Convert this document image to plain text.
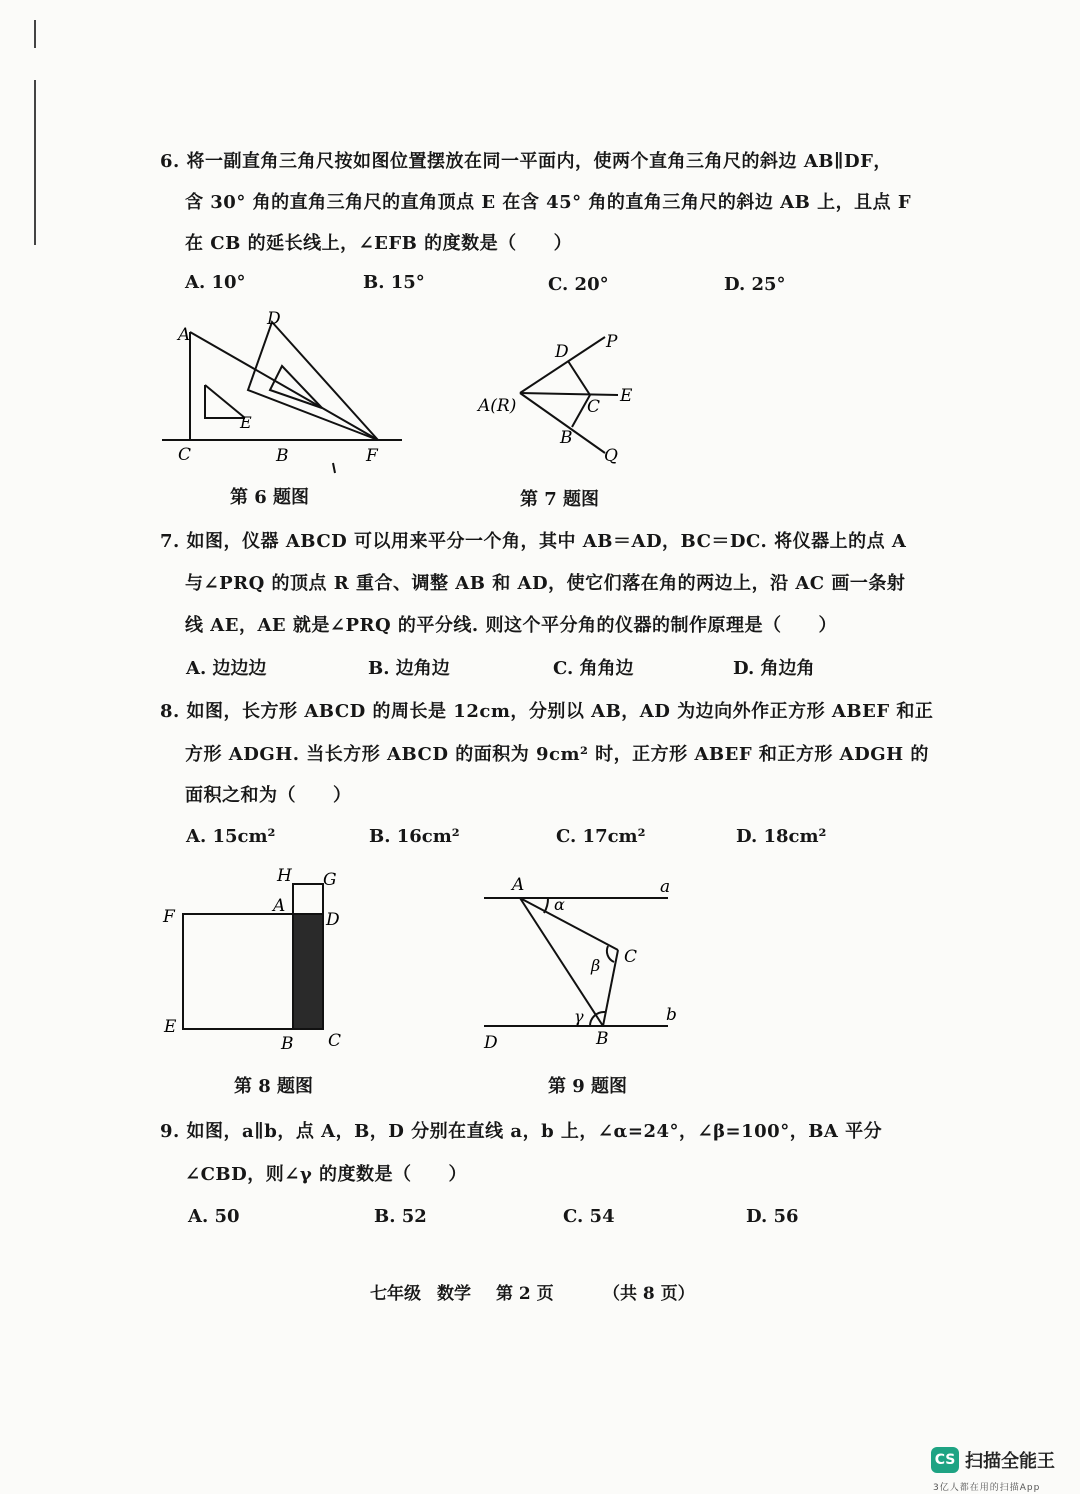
6. 将一副直角三角尺按如图位置摆放在同一平面内，使两个直角三角尺的斜边 AB∥DF，
含 30° 角的直角三角尺的直角顶点 E 在含 45° 角的直角三角尺的斜边 AB 上，且点 F
在 CB 的延长线上，∠EFB 的度数是（　　）
A. 10°	B. 15°	C. 20°	D. 25°
A
D
E
C	B	F
第 6 题图
D P
A(R)	C
E
B
Q
第 7 题图
7. 如图，仪器 ABCD 可以用来平分一个角，其中 AB＝AD，BC＝DC. 将仪器上的点 A
与∠PRQ 的顶点 R 重合、调整 AB 和 AD，使它们落在角的两边上，沿 AC 画一条射
线 AE，AE 就是∠PRQ 的平分线. 则这个平分角的仪器的制作原理是（　　）
A. 边边边	B. 边角边	C. 角角边	D. 角边角
8. 如图，长方形 ABCD 的周长是 12cm，分别以 AB，AD 为边向外作正方形 ABEF 和正
方形 ADGH. 当长方形 ABCD 的面积为 9cm² 时，正方形 ABEF 和正方形 ADGH 的
面积之和为（　　）
A. 15cm²	B. 16cm²	C. 17cm²	D. 18cm²
H G
F
A
D
E
B C
第 8 题图
A	a
α
C
β
γ	b
D	B
第 9 题图
9. 如图，a∥b，点 A，B，D 分别在直线 a，b 上，∠α=24°，∠β=100°，BA 平分
∠CBD，则∠γ 的度数是（　　）
A. 50	B. 52	C. 54	D. 56
七年级 数学 第 2 页	（共 8 页）
CS 扫描全能王
3亿人都在用的扫描App
